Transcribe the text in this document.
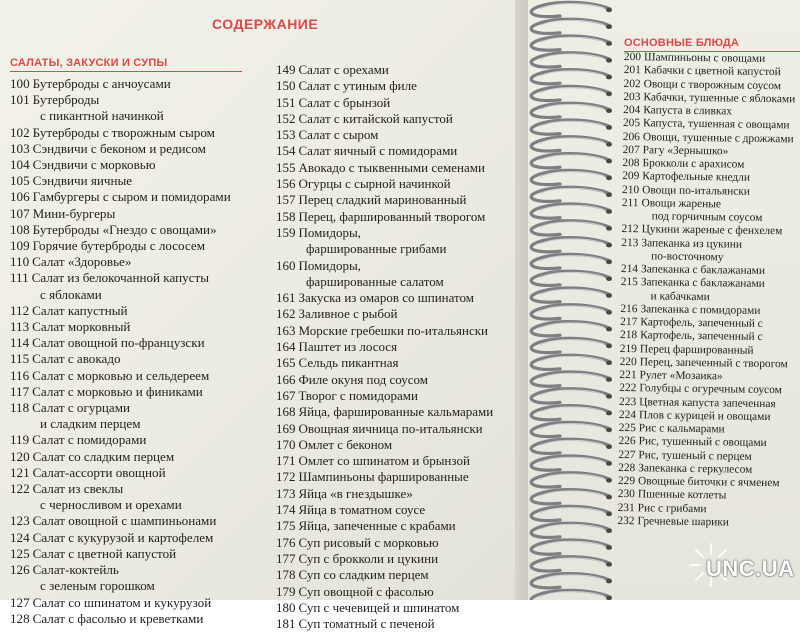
СОДЕРЖАНИЕ
САЛАТЫ, ЗАКУСКИ И СУПЫ
100 Бутерброды с анчоусами
101 Бутерброды
с пикантной начинкой
102 Бутерброды с творожным сыром
103 Сэндвичи с беконом и редисом
104 Сэндвичи с морковью
105 Сэндвичи яичные
106 Гамбургеры с сыром и помидорами
107 Мини-бургеры
108 Бутерброды «Гнездо с овощами»
109 Горячие бутерброды с лососем
110 Салат «Здоровье»
111 Салат из белокочанной капусты
с яблоками
112 Салат капустный
113 Салат морковный
114 Салат овощной по-французски
115 Салат с авокадо
116 Салат с морковью и сельдереем
117 Салат с морковью и финиками
118 Салат с огурцами
и сладким перцем
119 Салат с помидорами
120 Салат со сладким перцем
121 Салат-ассорти овощной
122 Салат из свеклы
с черносливом и орехами
123 Салат овощной с шампиньонами
124 Салат с кукурузой и картофелем
125 Салат с цветной капустой
126 Салат-коктейль
с зеленым горошком
127 Салат со шпинатом и кукурузой
128 Салат с фасолью и креветками
149 Салат с орехами
150 Салат с утиным филе
151 Салат с брынзой
152 Салат с китайской капустой
153 Салат с сыром
154 Салат яичный с помидорами
155 Авокадо с тыквенными семенами
156 Огурцы с сырной начинкой
157 Перец сладкий маринованный
158 Перец, фаршированный творогом
159 Помидоры,
фаршированные грибами
160 Помидоры,
фаршированные салатом
161 Закуска из омаров со шпинатом
162 Заливное с рыбой
163 Морские гребешки по-итальянски
164 Паштет из лосося
165 Сельдь пикантная
166 Филе окуня под соусом
167 Творог с помидорами
168 Яйца, фаршированные кальмарами
169 Овощная яичница по-итальянски
170 Омлет с беконом
171 Омлет со шпинатом и брынзой
172 Шампиньоны фаршированные
173 Яйца «в гнездышке»
174 Яйца в томатном соусе
175 Яйца, запеченные с крабами
176 Суп рисовый с морковью
177 Суп с брокколи и цукини
178 Суп со сладким перцем
179 Суп овощной с фасолью
180 Суп с чечевицей и шпинатом
181 Суп томатный с печеной
ОСНОВНЫЕ БЛЮДА
200 Шампиньоны с овощами
201 Кабачки с цветной капустой
202 Овощи с творожным соусом
203 Кабачки, тушенные с яблоками
204 Капуста в сливках
205 Капуста, тушенная с овощами
206 Овощи, тушенные с дрожжами
207 Рагу «Зернышко»
208 Брокколи с арахисом
209 Картофельные кнедли
210 Овощи по-итальянски
211 Овощи жареные
под горчичным соусом
212 Цукини жареные с фенхелем
213 Запеканка из цукини
по-восточному
214 Запеканка с баклажанами
215 Запеканка с баклажанами
и кабачками
216 Запеканка с помидорами
217 Картофель, запеченный с
218 Картофель, запеченный с
219 Перец фаршированный
220 Перец, запеченный с творогом
221 Рулет «Мозаика»
222 Голубцы с огуречным соусом
223 Цветная капуста запеченная
224 Плов с курицей и овощами
225 Рис с кальмарами
226 Рис, тушенный с овощами
227 Рис, тушеный с перцем
228 Запеканка с геркулесом
229 Овощные биточки с ячменем
230 Пшенные котлеты
231 Рис с грибами
232 Гречневые шарики
UNC.UA
